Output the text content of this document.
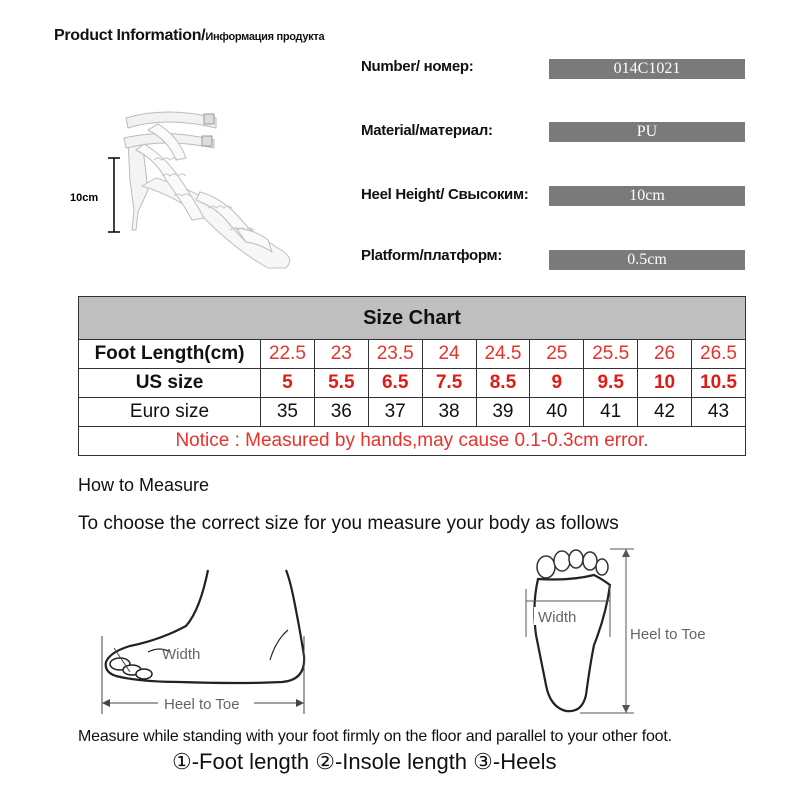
Product Information/Информация продукта
10cm
Number/ номер:	014C1021
Material/материал:	PU
Heel Height/ Свысоким:	10cm
Platform/платформ:	0.5cm
Size Chart									
Foot Length(cm)	22.5	23	23.5	24	24.5	25	25.5	26	26.5
US size	5	5.5	6.5	7.5	8.5	9	9.5	10	10.5
Euro size	35	36	37	38	39	40	41	42	43
Notice : Measured by hands,may cause 0.1-0.3cm error.									
How to Measure
To choose the correct size for you measure your body as follows
Width
Heel to Toe
Width
Heel to Toe
Measure while standing with your foot firmly on the floor and parallel to your other foot.
①-Foot length ②-Insole length ③-Heels
